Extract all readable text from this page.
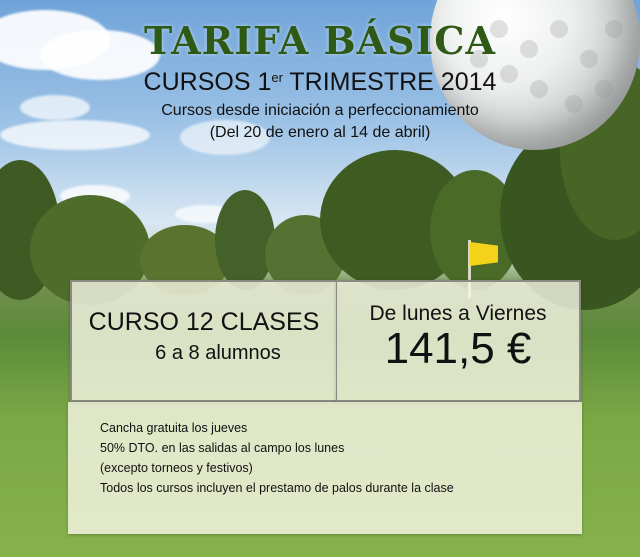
TARIFA BÁSICA
CURSOS 1er TRIMESTRE 2014
Cursos desde iniciación a perfeccionamiento
(Del 20 de enero al 14 de abril)
CURSO 12 CLASES
6 a 8 alumnos
De lunes a Viernes
141,5 €
Cancha gratuita los jueves
50% DTO. en las salidas al campo los lunes
(excepto torneos y festivos)
Todos los cursos incluyen el prestamo de palos durante la clase
